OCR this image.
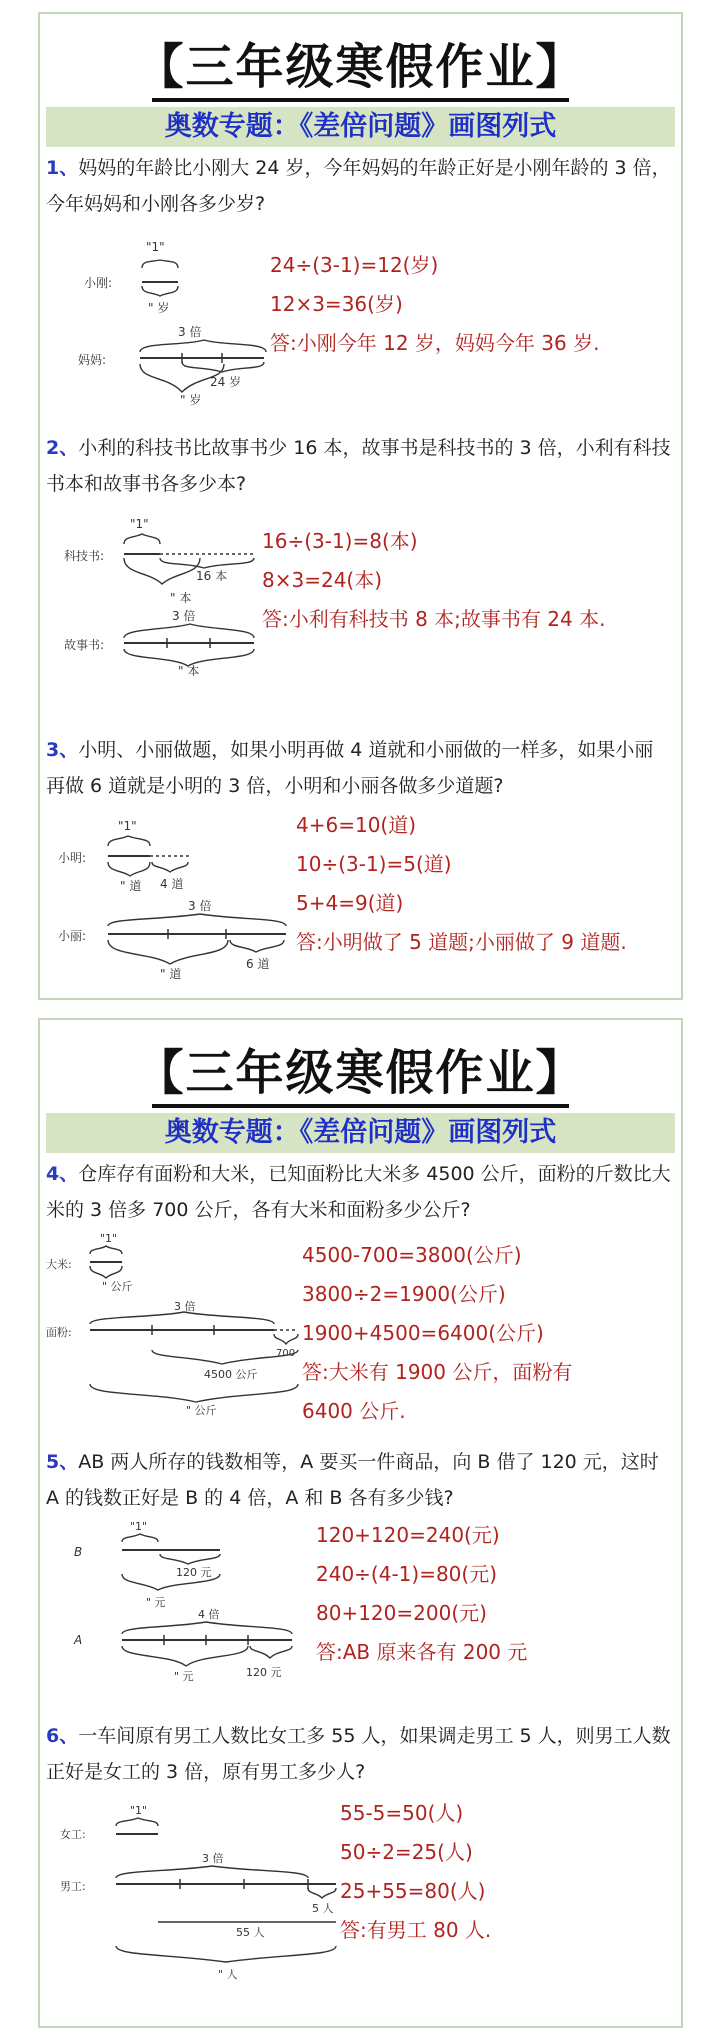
【三年级寒假作业】
奥数专题：《差倍问题》画图列式
1、妈妈的年龄比小刚大 24 岁，今年妈妈的年龄正好是小刚年龄的 3 倍，今年妈妈和小刚各多少岁?
小刚:
"1"
" 岁
3 倍
妈妈:
24 岁
" 岁
24÷(3-1)=12(岁)
12×3=36(岁)
答:小刚今年 12 岁，妈妈今年 36 岁.
2、小利的科技书比故事书少 16 本，故事书是科技书的 3 倍，小利有科技书本和故事书各多少本?
"1"
科技书:
16 本
" 本
3 倍
故事书:
" 本
16÷(3-1)=8(本)
8×3=24(本)
答:小利有科技书 8 本;故事书有 24 本.
3、小明、小丽做题，如果小明再做 4 道就和小丽做的一样多，如果小丽再做 6 道就是小明的 3 倍，小明和小丽各做多少道题?
"1"
小明:
" 道 4 道
3 倍
小丽:
" 道
6 道
4+6=10(道)
10÷(3-1)=5(道)
5+4=9(道)
答:小明做了 5 道题;小丽做了 9 道题.
【三年级寒假作业】
奥数专题：《差倍问题》画图列式
4、仓库存有面粉和大米，已知面粉比大米多 4500 公斤，面粉的斤数比大米的 3 倍多 700 公斤，各有大米和面粉多少公斤?
"1"
大米:
" 公斤
3 倍
面粉:
700
4500 公斤
" 公斤
4500-700=3800(公斤)
3800÷2=1900(公斤)
1900+4500=6400(公斤)
答:大米有 1900 公斤，面粉有
6400 公斤.
5、AB 两人所存的钱数相等，A 要买一件商品，向 B 借了 120 元，这时 A 的钱数正好是 B 的 4 倍，A 和 B 各有多少钱?
"1"
B
120 元
" 元
4 倍
A
" 元	120 元
120+120=240(元)
240÷(4-1)=80(元)
80+120=200(元)
答:AB 原来各有 200 元
6、一车间原有男工人数比女工多 55 人，如果调走男工 5 人，则男工人数正好是女工的 3 倍，原有男工多少人?
"1"
女工:
3 倍
男工:
5 人
55 人
" 人
55-5=50(人)
50÷2=25(人)
25+55=80(人)
答:有男工 80 人.
